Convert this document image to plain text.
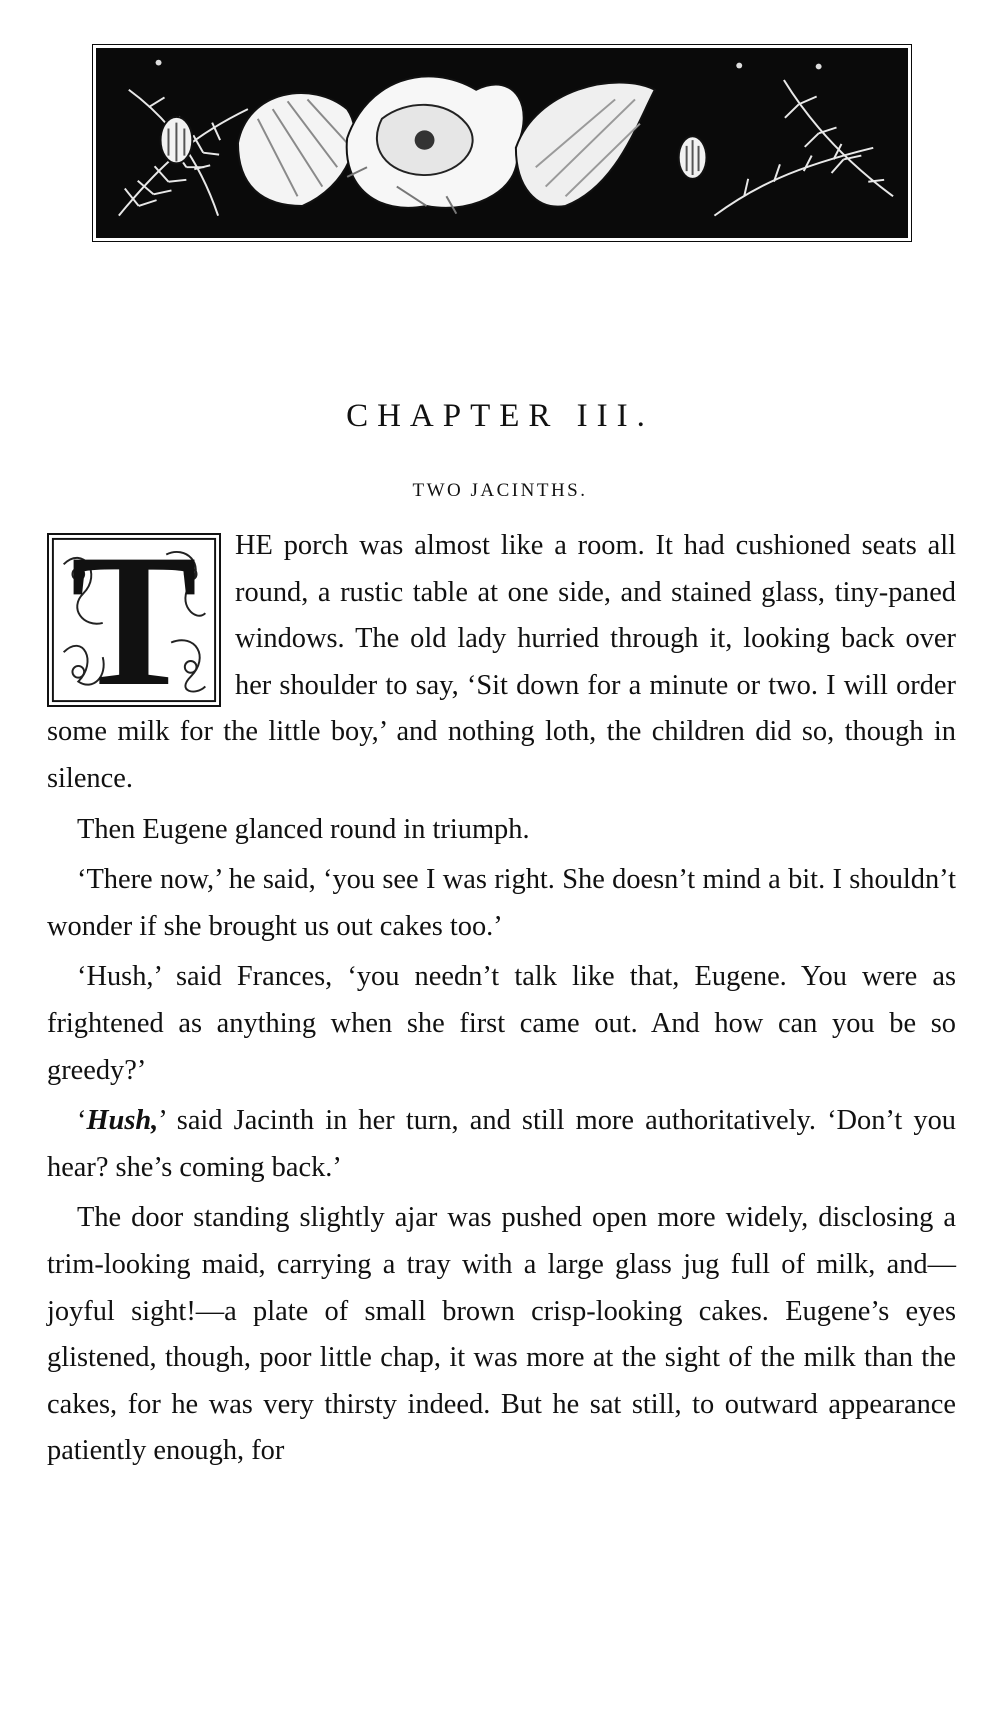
CHAPTER III.
TWO JACINTHS.

T	HE porch was almost like a room. It had cushioned seats all round, a rustic table at one side, and stained glass, tiny-paned windows. The old lady hurried through it, looking back over her shoulder to say, ‘Sit down for a minute or two. I will order some milk for the little boy,’ and nothing loth, the children did so, though in silence.

Then Eugene glanced round in triumph.

‘There now,’ he said, ‘you see I was right. She doesn’t mind a bit. I shouldn’t wonder if she brought us out cakes too.’

‘Hush,’ said Frances, ‘you needn’t talk like that, Eugene. You were as frightened as anything when she first came out. And how can you be so greedy?’

‘Hush,’ said Jacinth in her turn, and still more authoritatively. ‘Don’t you hear? she’s coming back.’

The door standing slightly ajar was pushed open more widely, disclosing a trim-looking maid, carrying a tray with a large glass jug full of milk, and—joyful sight!—a plate of small brown crisp-looking cakes. Eugene’s eyes glistened, though, poor little chap, it was more at the sight of the milk than the cakes, for he was very thirsty indeed. But he sat still, to outward appearance patiently enough, for
